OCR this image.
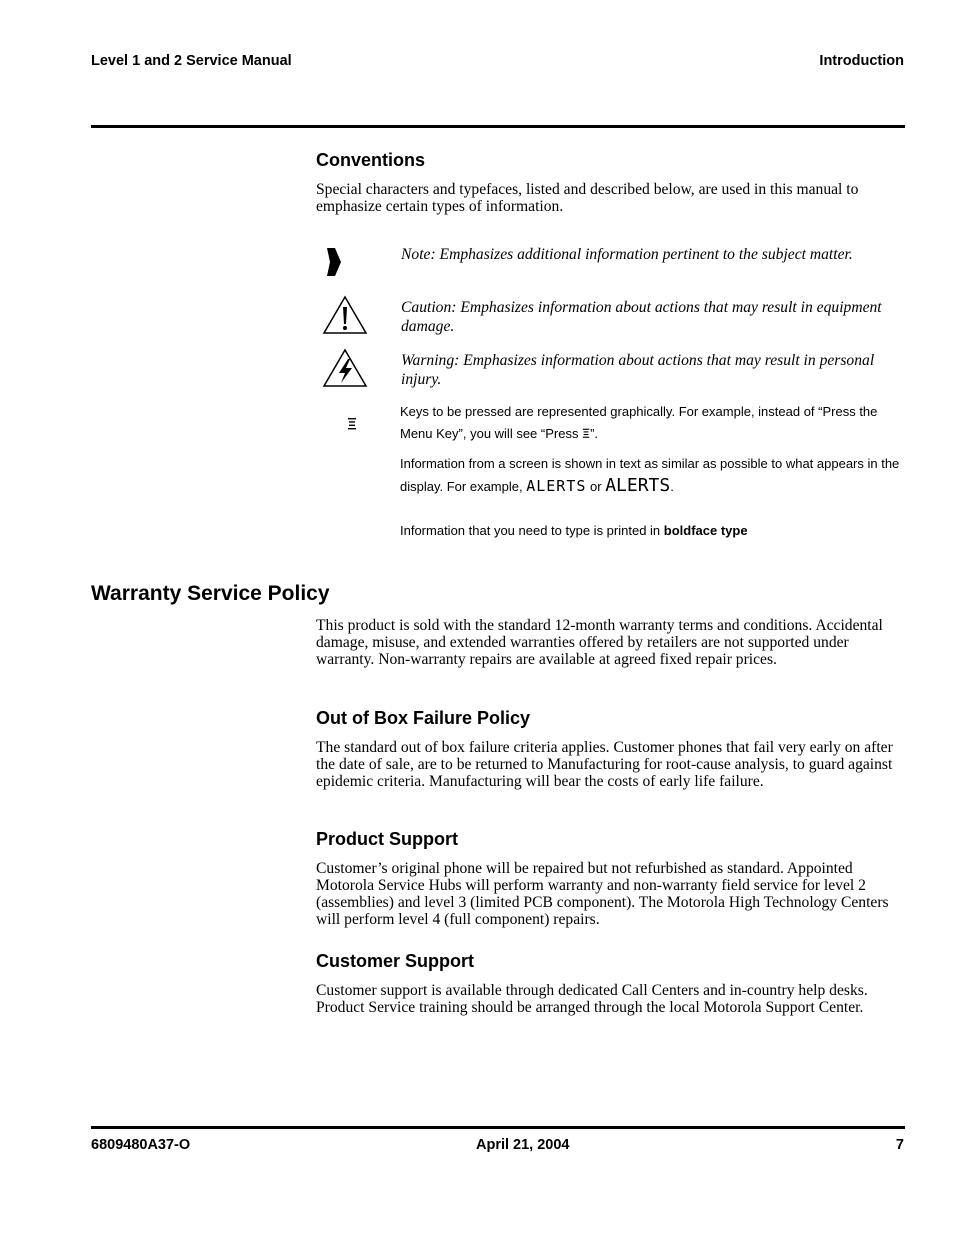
Level 1 and 2 Service Manual	Introduction
Conventions

Special characters and typefaces, listed and described below, are used in this manual to emphasize certain types of information.

Note: Emphasizes additional information pertinent to the subject matter.

Caution: Emphasizes information about actions that may result in equipment damage.

Warning: Emphasizes information about actions that may result in personal injury.

Keys to be pressed are represented graphically. For example, instead of “Press the Menu Key”, you will see “Press ”.

Information from a screen is shown in text as similar as possible to what appears in the display. For example, ALERTS or ALERTS.

Information that you need to type is printed in boldface type

Warranty Service Policy

This product is sold with the standard 12-month warranty terms and conditions. Accidental damage, misuse, and extended warranties offered by retailers are not supported under warranty. Non-warranty repairs are available at agreed fixed repair prices.

Out of Box Failure Policy

The standard out of box failure criteria applies. Customer phones that fail very early on after the date of sale, are to be returned to Manufacturing for root-cause analysis, to guard against epidemic criteria. Manufacturing will bear the costs of early life failure.

Product Support

Customer’s original phone will be repaired but not refurbished as standard. Appointed Motorola Service Hubs will perform warranty and non-warranty field service for level 2 (assemblies) and level 3 (limited PCB component). The Motorola High Technology Centers will perform level 4 (full component) repairs.

Customer Support

Customer support is available through dedicated Call Centers and in-country help desks. Product Service training should be arranged through the local Motorola Support Center.

6809480A37-O	April 21, 2004	7
